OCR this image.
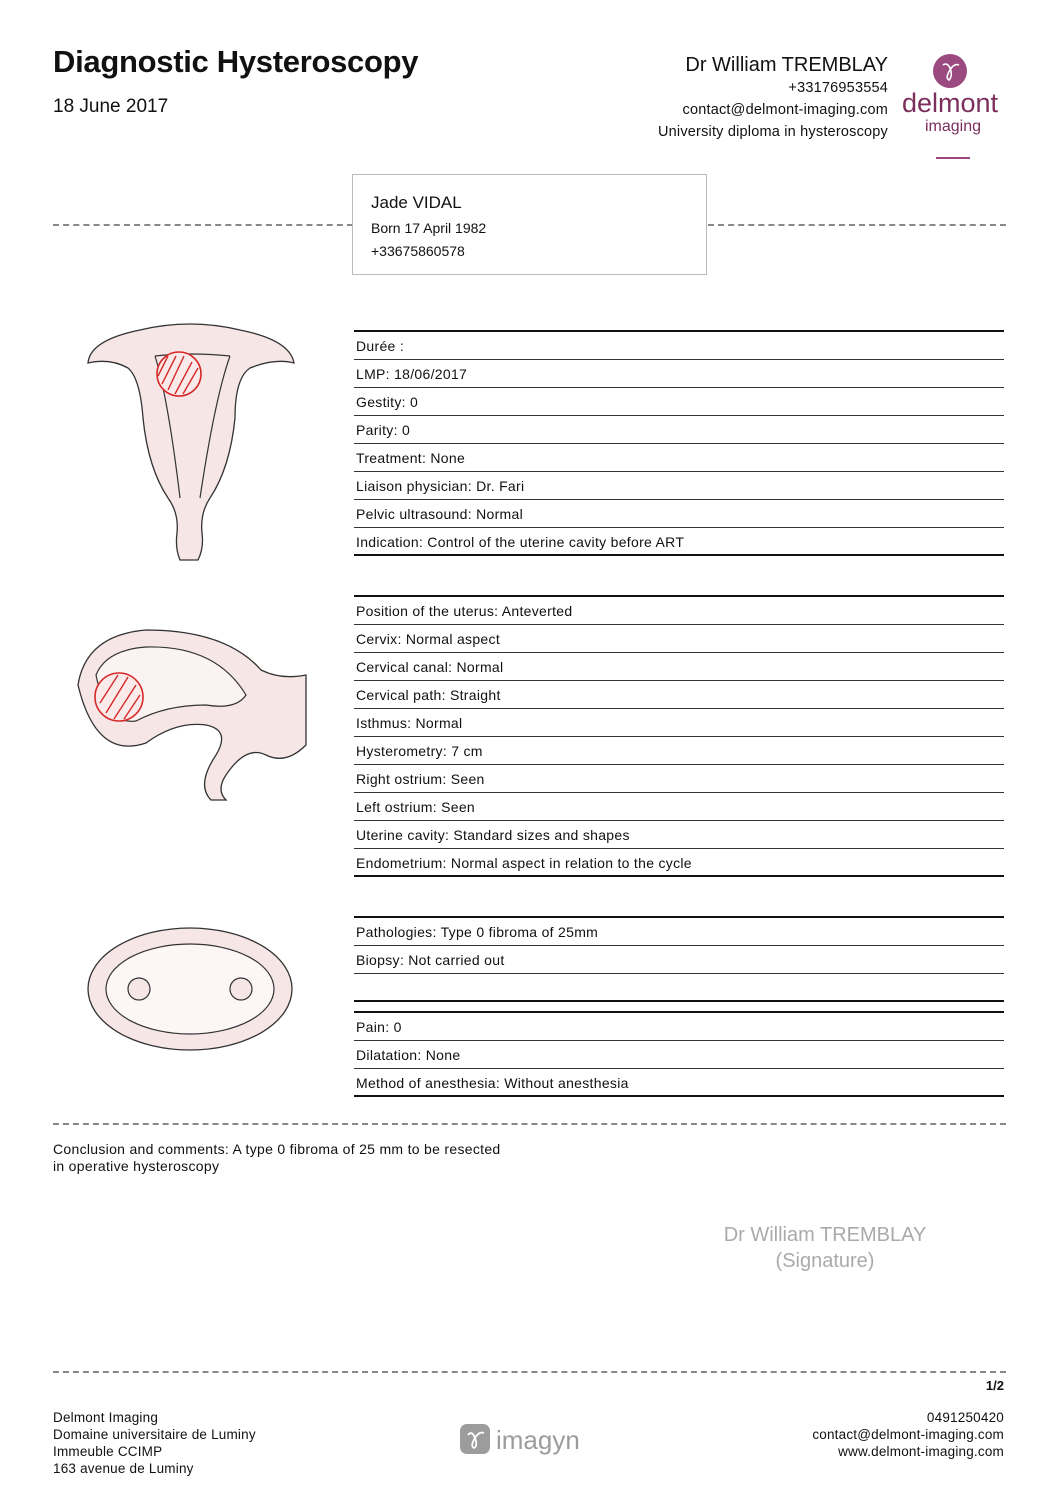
Diagnostic Hysteroscopy
18 June 2017
Dr William TREMBLAY
+33176953554
contact@delmont-imaging.com
University diploma in hysteroscopy
delmont
imaging
Jade VIDAL
Born 17 April 1982
+33675860578
Durée :
LMP: 18/06/2017
Gestity: 0
Parity: 0
Treatment: None
Liaison physician: Dr. Fari
Pelvic ultrasound: Normal
Indication: Control of the uterine cavity before ART
Position of the uterus: Anteverted
Cervix: Normal aspect
Cervical canal: Normal
Cervical path: Straight
Isthmus: Normal
Hysterometry: 7 cm
Right ostrium: Seen
Left ostrium: Seen
Uterine cavity: Standard sizes and shapes
Endometrium: Normal aspect in relation to the cycle
Pathologies: Type 0 fibroma of 25mm
Biopsy: Not carried out
Pain: 0
Dilatation: None
Method of anesthesia: Without anesthesia
Conclusion and comments: A type 0 fibroma of 25 mm to be resected
in operative hysteroscopy
Dr William TREMBLAY
(Signature)
1/2
Delmont Imaging
Domaine universitaire de Luminy
Immeuble CCIMP
163 avenue de Luminy
imagyn
0491250420
contact@delmont-imaging.com
www.delmont-imaging.com
